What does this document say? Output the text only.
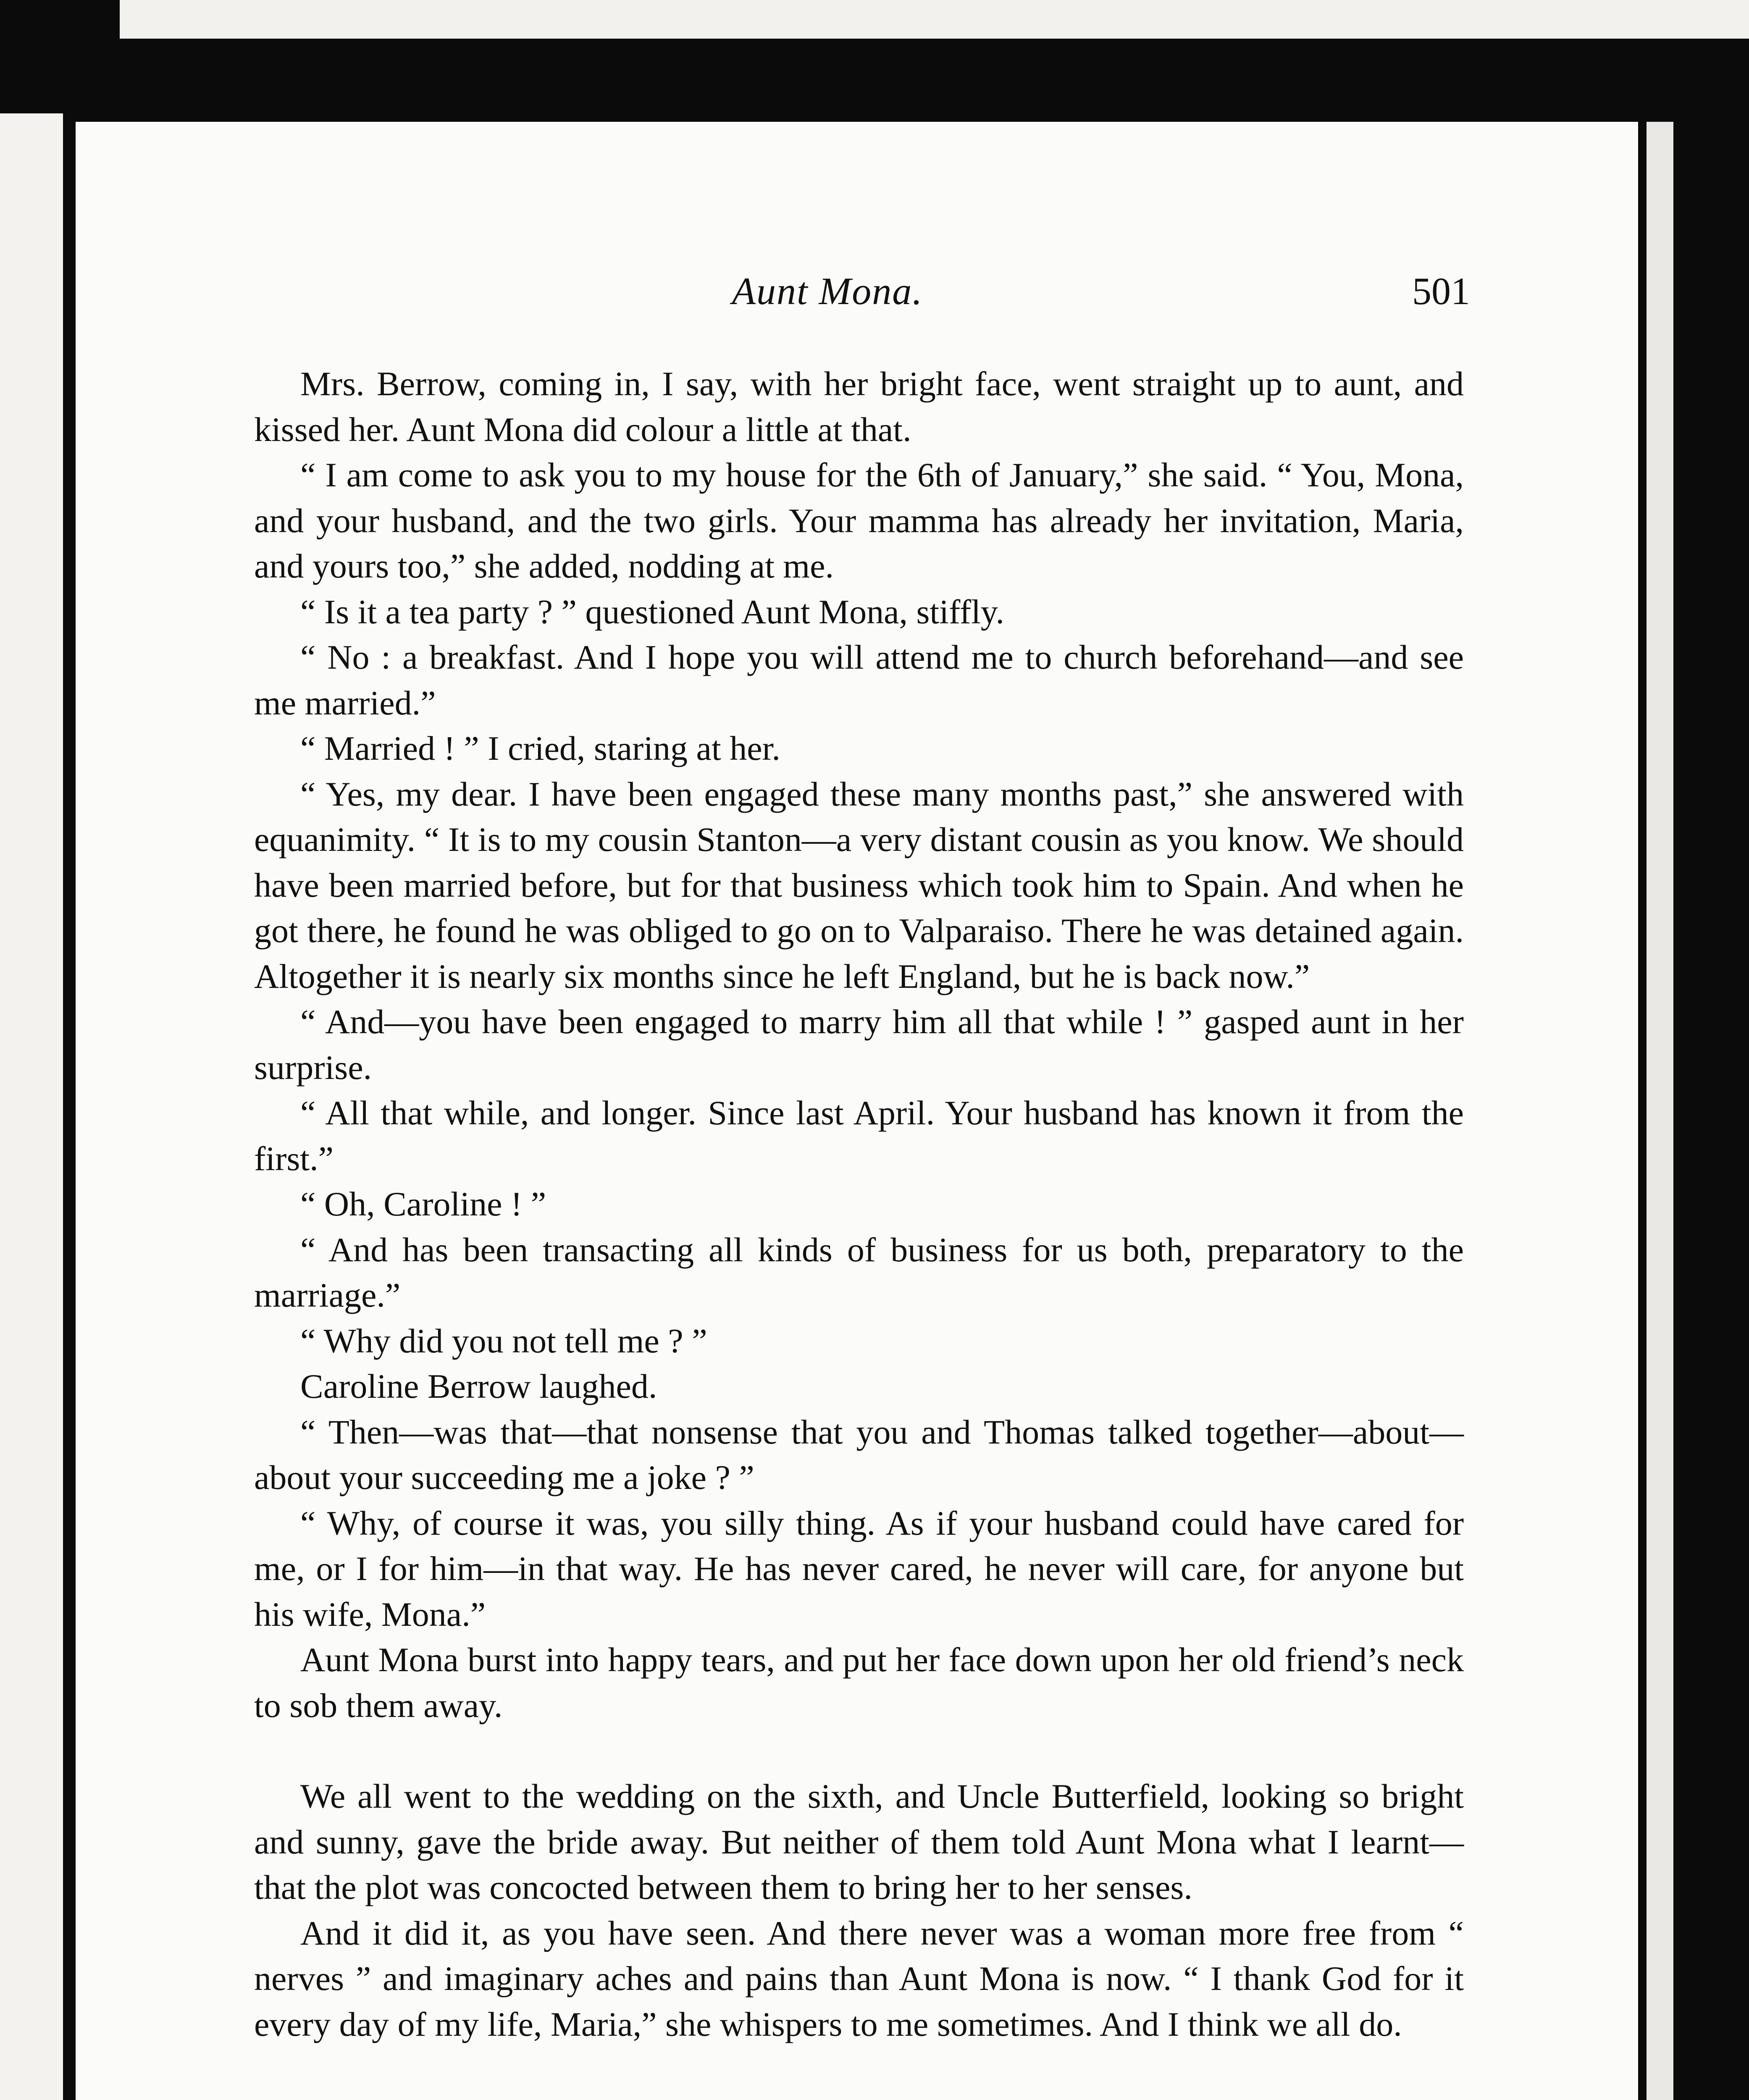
Aunt Mona.	501

Mrs. Berrow, coming in, I say, with her bright face, went straight up to aunt, and kissed her. Aunt Mona did colour a little at that.

“ I am come to ask you to my house for the 6th of January,” she said. “ You, Mona, and your husband, and the two girls. Your mamma has already her invitation, Maria, and yours too,” she added, nodding at me.

“ Is it a tea party ? ” questioned Aunt Mona, stiffly.

“ No : a breakfast. And I hope you will attend me to church beforehand—and see me married.”

“ Married ! ” I cried, staring at her.

“ Yes, my dear. I have been engaged these many months past,” she answered with equanimity. “ It is to my cousin Stanton—a very distant cousin as you know. We should have been married before, but for that business which took him to Spain. And when he got there, he found he was obliged to go on to Valparaiso. There he was detained again. Altogether it is nearly six months since he left England, but he is back now.”

“ And—you have been engaged to marry him all that while ! ” gasped aunt in her surprise.

“ All that while, and longer. Since last April. Your husband has known it from the first.”

“ Oh, Caroline ! ”

“ And has been transacting all kinds of business for us both, preparatory to the marriage.”

“ Why did you not tell me ? ”

Caroline Berrow laughed.

“ Then—was that—that nonsense that you and Thomas talked together—about—about your succeeding me a joke ? ”

“ Why, of course it was, you silly thing. As if your husband could have cared for me, or I for him—in that way. He has never cared, he never will care, for anyone but his wife, Mona.”

Aunt Mona burst into happy tears, and put her face down upon her old friend’s neck to sob them away.

We all went to the wedding on the sixth, and Uncle Butterfield, looking so bright and sunny, gave the bride away. But neither of them told Aunt Mona what I learnt—that the plot was concocted between them to bring her to her senses.

And it did it, as you have seen. And there never was a woman more free from “ nerves ” and imaginary aches and pains than Aunt Mona is now. “ I thank God for it every day of my life, Maria,” she whispers to me sometimes. And I think we all do.
